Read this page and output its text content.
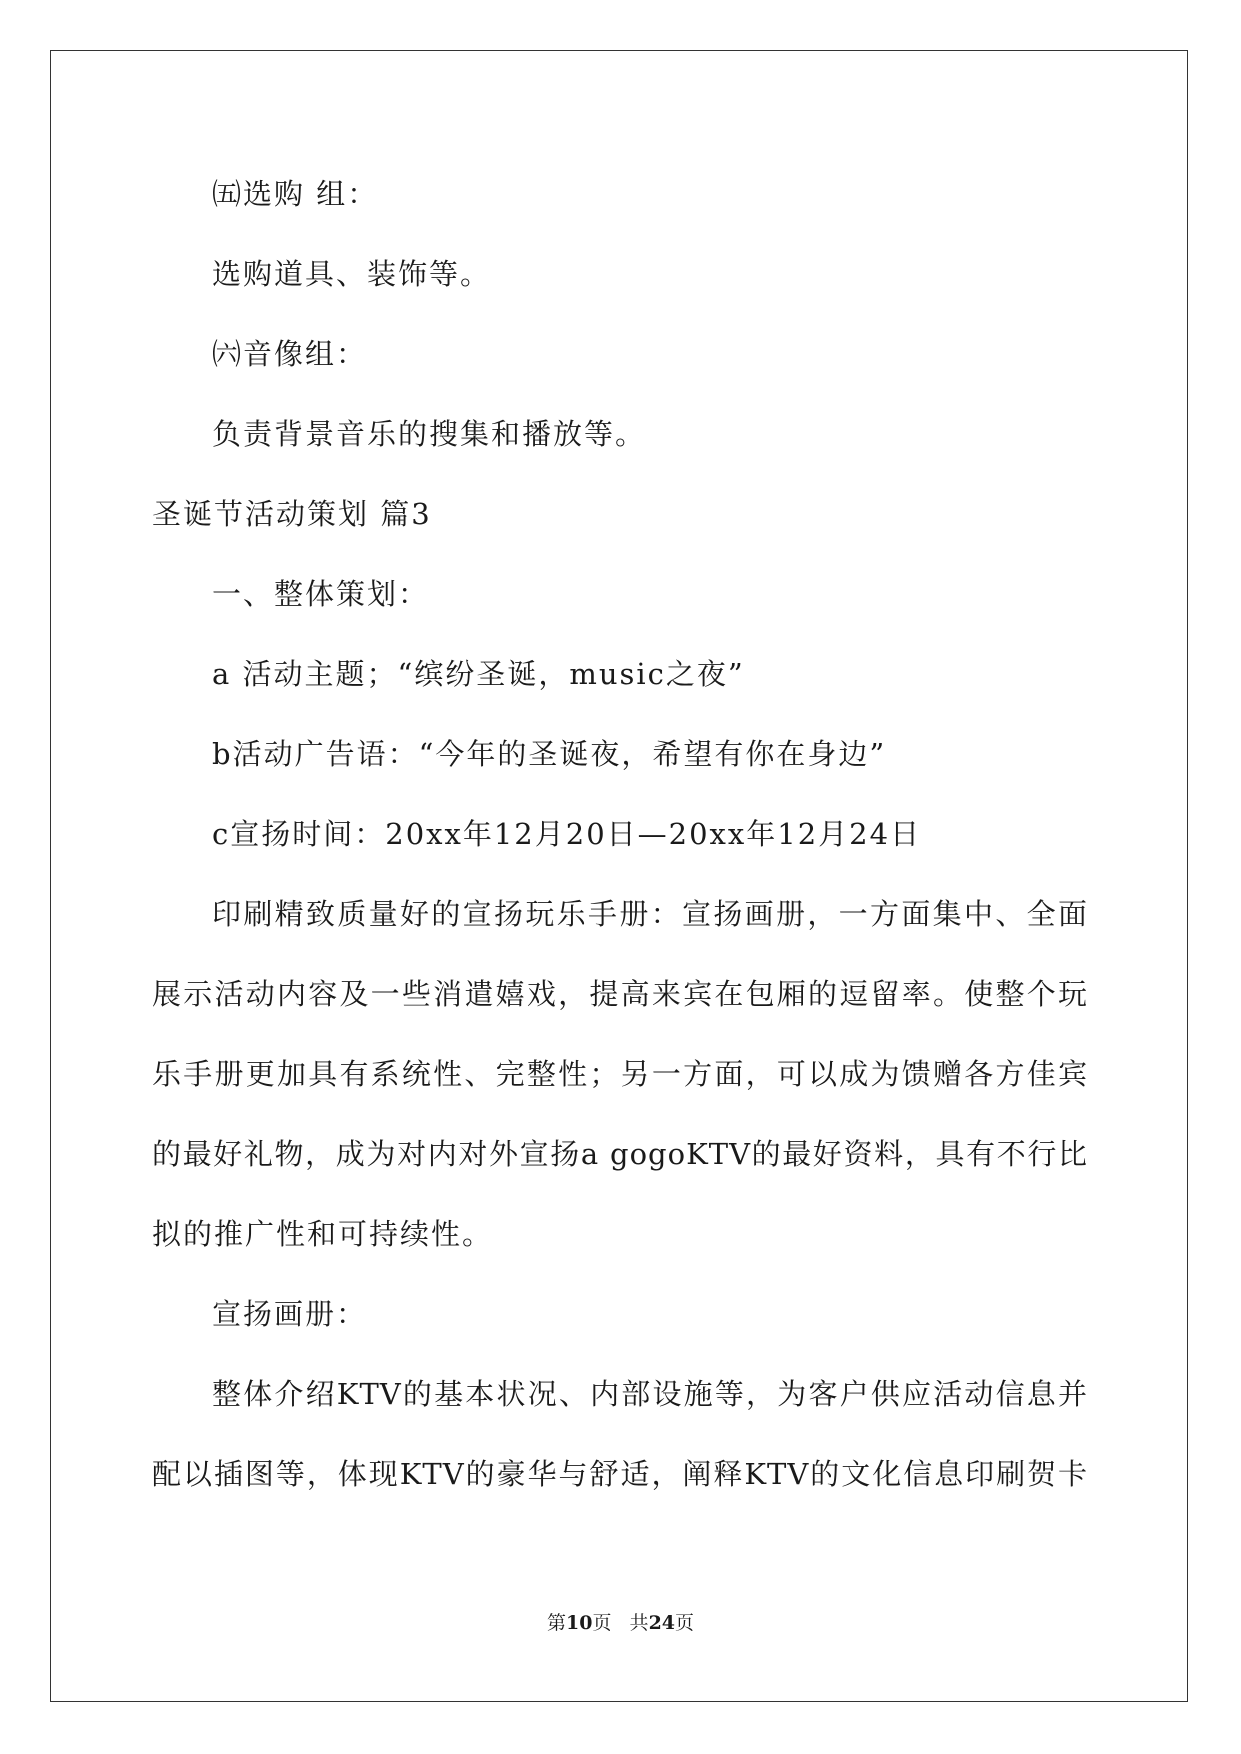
㈤选购 组：
选购道具、装饰等。
㈥音像组：
负责背景音乐的搜集和播放等。
圣诞节活动策划 篇3
一、整体策划：
a 活动主题；“缤纷圣诞，music之夜”
b活动广告语：“今年的圣诞夜，希望有你在身边”
c宣扬时间：20xx年12月20日—20xx年12月24日
印刷精致质量好的宣扬玩乐手册：宣扬画册，一方面集中、全面
展示活动内容及一些消遣嬉戏，提高来宾在包厢的逗留率。使整个玩
乐手册更加具有系统性、完整性；另一方面，可以成为馈赠各方佳宾
的最好礼物，成为对内对外宣扬a gogoKTV的最好资料，具有不行比
拟的推广性和可持续性。
宣扬画册：
整体介绍KTV的基本状况、内部设施等，为客户供应活动信息并
配以插图等，体现KTV的豪华与舒适，阐释KTV的文化信息印刷贺卡
第10页   共24页
